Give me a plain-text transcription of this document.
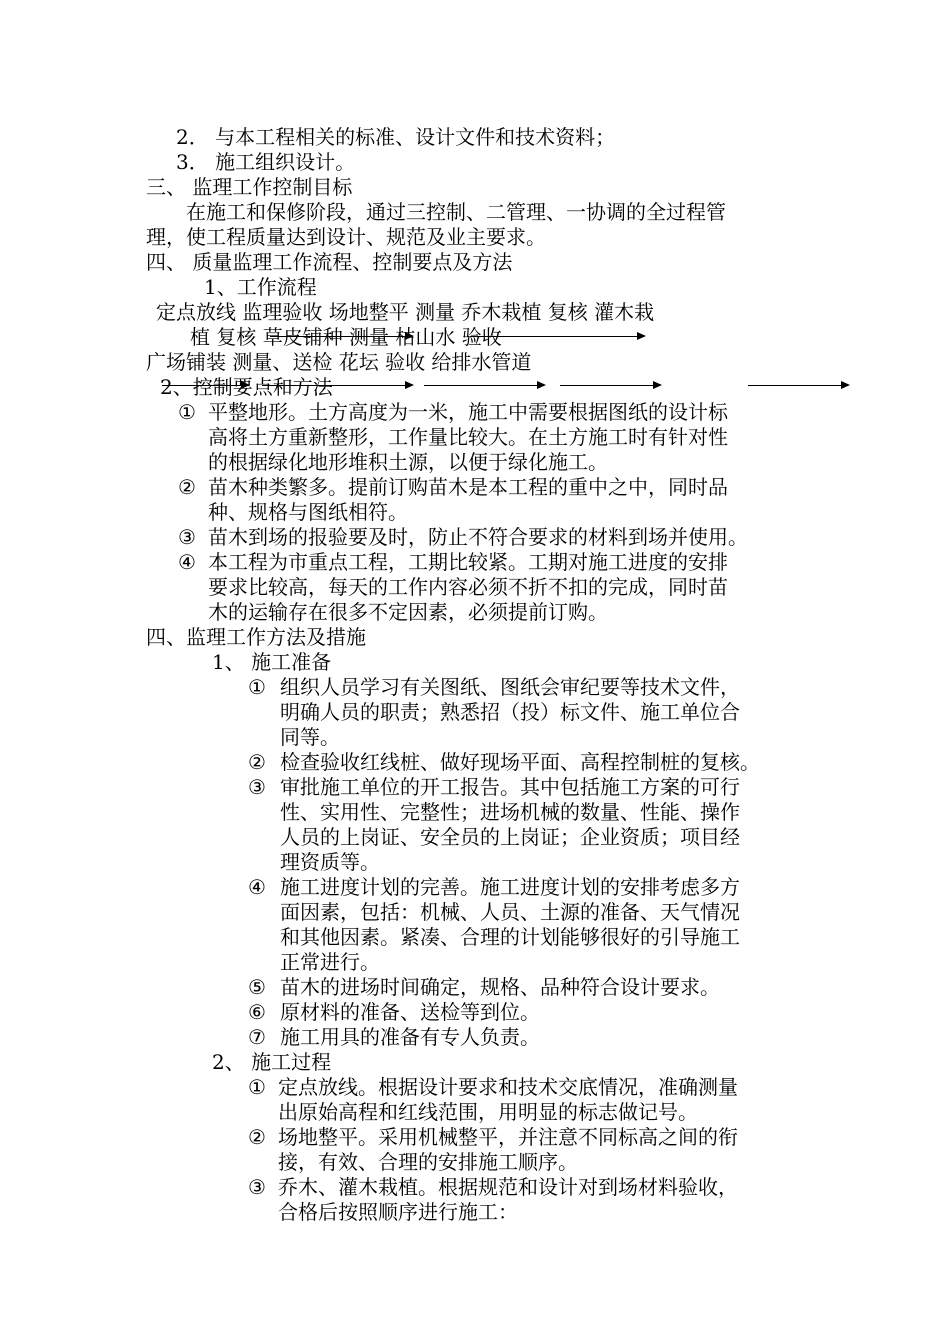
2． 与本工程相关的标准、设计文件和技术资料；
3． 施工组织设计。
三、 监理工作控制目标
在施工和保修阶段，通过三控制、二管理、一协调的全过程管
理，使工程质量达到设计、规范及业主要求。
四、 质量监理工作流程、控制要点及方法
1、工作流程
定点放线 监理验收 场地整平 测量 乔木栽植 复核 灌木栽
植 复核 草皮铺种 测量 枯山水 验收
广场铺装 测量、送检 花坛 验收 给排水管道
2、控制要点和方法
① 平整地形。土方高度为一米，施工中需要根据图纸的设计标
高将土方重新整形，工作量比较大。在土方施工时有针对性
的根据绿化地形堆积土源，以便于绿化施工。
② 苗木种类繁多。提前订购苗木是本工程的重中之中，同时品
种、规格与图纸相符。
③ 苗木到场的报验要及时，防止不符合要求的材料到场并使用。
④ 本工程为市重点工程，工期比较紧。工期对施工进度的安排
要求比较高，每天的工作内容必须不折不扣的完成，同时苗
木的运输存在很多不定因素，必须提前订购。
四、监理工作方法及措施
1、 施工准备
① 组织人员学习有关图纸、图纸会审纪要等技术文件，
明确人员的职责；熟悉招（投）标文件、施工单位合
同等。
② 检查验收红线桩、做好现场平面、高程控制桩的复核。
③ 审批施工单位的开工报告。其中包括施工方案的可行
性、实用性、完整性；进场机械的数量、性能、操作
人员的上岗证、安全员的上岗证；企业资质；项目经
理资质等。
④ 施工进度计划的完善。施工进度计划的安排考虑多方
面因素，包括：机械、人员、土源的准备、天气情况
和其他因素。紧凑、合理的计划能够很好的引导施工
正常进行。
⑤ 苗木的进场时间确定，规格、品种符合设计要求。
⑥ 原材料的准备、送检等到位。
⑦ 施工用具的准备有专人负责。
2、 施工过程
① 定点放线。根据设计要求和技术交底情况，准确测量
出原始高程和红线范围，用明显的标志做记号。
② 场地整平。采用机械整平，并注意不同标高之间的衔
接，有效、合理的安排施工顺序。
③ 乔木、灌木栽植。根据规范和设计对到场材料验收，
合格后按照顺序进行施工：
